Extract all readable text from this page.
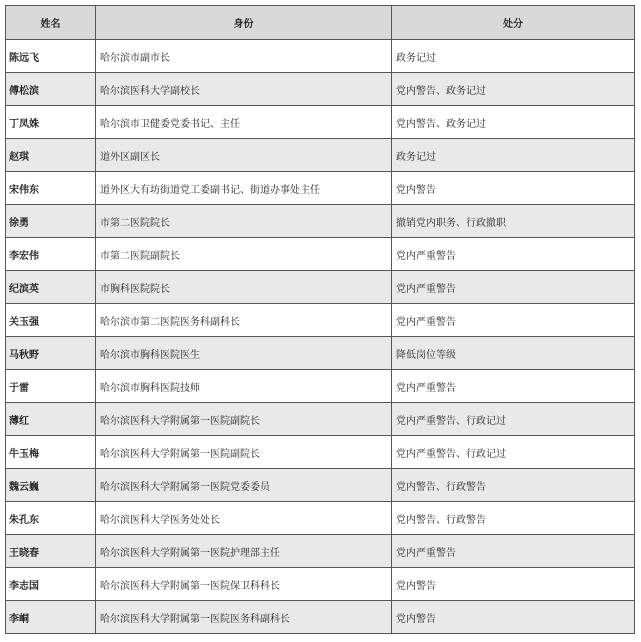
姓名	身份	处分
陈远飞	哈尔滨市副市长	政务记过
傅松滨	哈尔滨医科大学副校长	党内警告、政务记过
丁凤姝	哈尔滨市卫健委党委书记、主任	党内警告、政务记过
赵琪	道外区副区长	政务记过
宋伟东	道外区大有坊街道党工委副书记、街道办事处主任	党内警告
徐勇	市第二医院院长	撤销党内职务、行政撤职
李宏伟	市第二医院副院长	党内严重警告
纪滨英	市胸科医院院长	党内严重警告
关玉强	哈尔滨市第二医院医务科副科长	党内严重警告
马秋野	哈尔滨市胸科医院医生	降低岗位等级
于雷	哈尔滨市胸科医院技师	党内严重警告
薄红	哈尔滨医科大学附属第一医院副院长	党内严重警告、行政记过
牛玉梅	哈尔滨医科大学附属第一医院副院长	党内严重警告、行政记过
魏云巍	哈尔滨医科大学附属第一医院党委委员	党内警告、行政警告
朱孔东	哈尔滨医科大学医务处处长	党内警告、行政警告
王晓春	哈尔滨医科大学附属第一医院护理部主任	党内严重警告
李志国	哈尔滨医科大学附属第一医院保卫科科长	党内警告
李峒	哈尔滨医科大学附属第一医院医务科副科长	党内警告
